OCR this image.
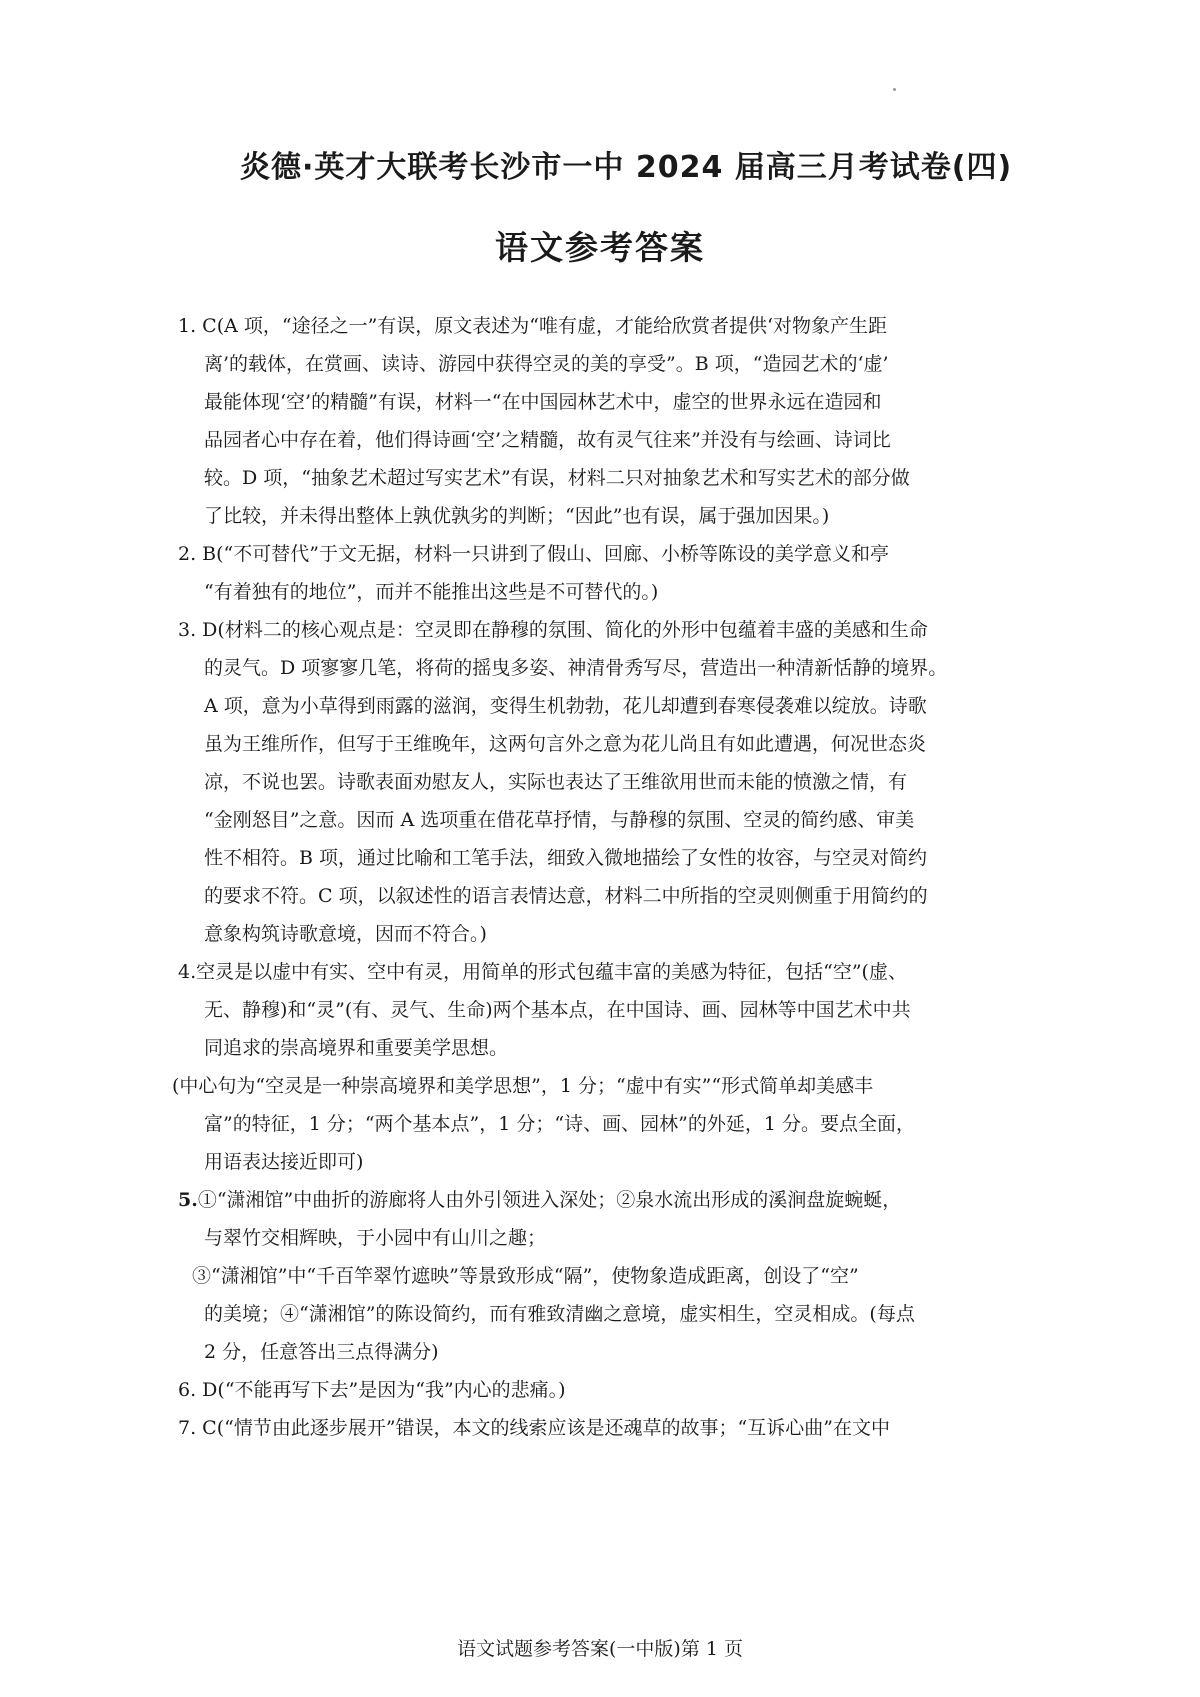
炎德·英才大联考长沙市一中 2024 届高三月考试卷(四)
语文参考答案
1. C(A 项，“途径之一”有误，原文表述为“唯有虚，才能给欣赏者提供‘对物象产生距
离’的载体，在赏画、读诗、游园中获得空灵的美的享受”。B 项，“造园艺术的‘虚’
最能体现‘空’的精髓”有误，材料一“在中国园林艺术中，虚空的世界永远在造园和
品园者心中存在着，他们得诗画‘空’之精髓，故有灵气往来”并没有与绘画、诗词比
较。D 项，“抽象艺术超过写实艺术”有误，材料二只对抽象艺术和写实艺术的部分做
了比较，并未得出整体上孰优孰劣的判断；“因此”也有误，属于强加因果。)
2. B(“不可替代”于文无据，材料一只讲到了假山、回廊、小桥等陈设的美学意义和亭
“有着独有的地位”，而并不能推出这些是不可替代的。)
3. D(材料二的核心观点是：空灵即在静穆的氛围、简化的外形中包蕴着丰盛的美感和生命
的灵气。D 项寥寥几笔，将荷的摇曳多姿、神清骨秀写尽，营造出一种清新恬静的境界。
A 项，意为小草得到雨露的滋润，变得生机勃勃，花儿却遭到春寒侵袭难以绽放。诗歌
虽为王维所作，但写于王维晚年，这两句言外之意为花儿尚且有如此遭遇，何况世态炎
凉，不说也罢。诗歌表面劝慰友人，实际也表达了王维欲用世而未能的愤激之情，有
“金刚怒目”之意。因而 A 选项重在借花草抒情，与静穆的氛围、空灵的简约感、审美
性不相符。B 项，通过比喻和工笔手法，细致入微地描绘了女性的妆容，与空灵对简约
的要求不符。C 项，以叙述性的语言表情达意，材料二中所指的空灵则侧重于用简约的
意象构筑诗歌意境，因而不符合。)
4.空灵是以虚中有实、空中有灵，用简单的形式包蕴丰富的美感为特征，包括“空”(虚、
无、静穆)和“灵”(有、灵气、生命)两个基本点，在中国诗、画、园林等中国艺术中共
同追求的崇高境界和重要美学思想。
(中心句为“空灵是一种崇高境界和美学思想”，1 分；“虚中有实”“形式简单却美感丰
富”的特征，1 分；“两个基本点”，1 分；“诗、画、园林”的外延，1 分。要点全面，
用语表达接近即可)
5.①“潇湘馆”中曲折的游廊将人由外引领进入深处；②泉水流出形成的溪涧盘旋蜿蜒，
与翠竹交相辉映，于小园中有山川之趣；
③“潇湘馆”中“千百竿翠竹遮映”等景致形成“隔”，使物象造成距离，创设了“空”
的美境；④“潇湘馆”的陈设简约，而有雅致清幽之意境，虚实相生，空灵相成。(每点
2 分，任意答出三点得满分)
6. D(“不能再写下去”是因为“我”内心的悲痛。)
7. C(“情节由此逐步展开”错误，本文的线索应该是还魂草的故事；“互诉心曲”在文中
语文试题参考答案(一中版)第 1 页
